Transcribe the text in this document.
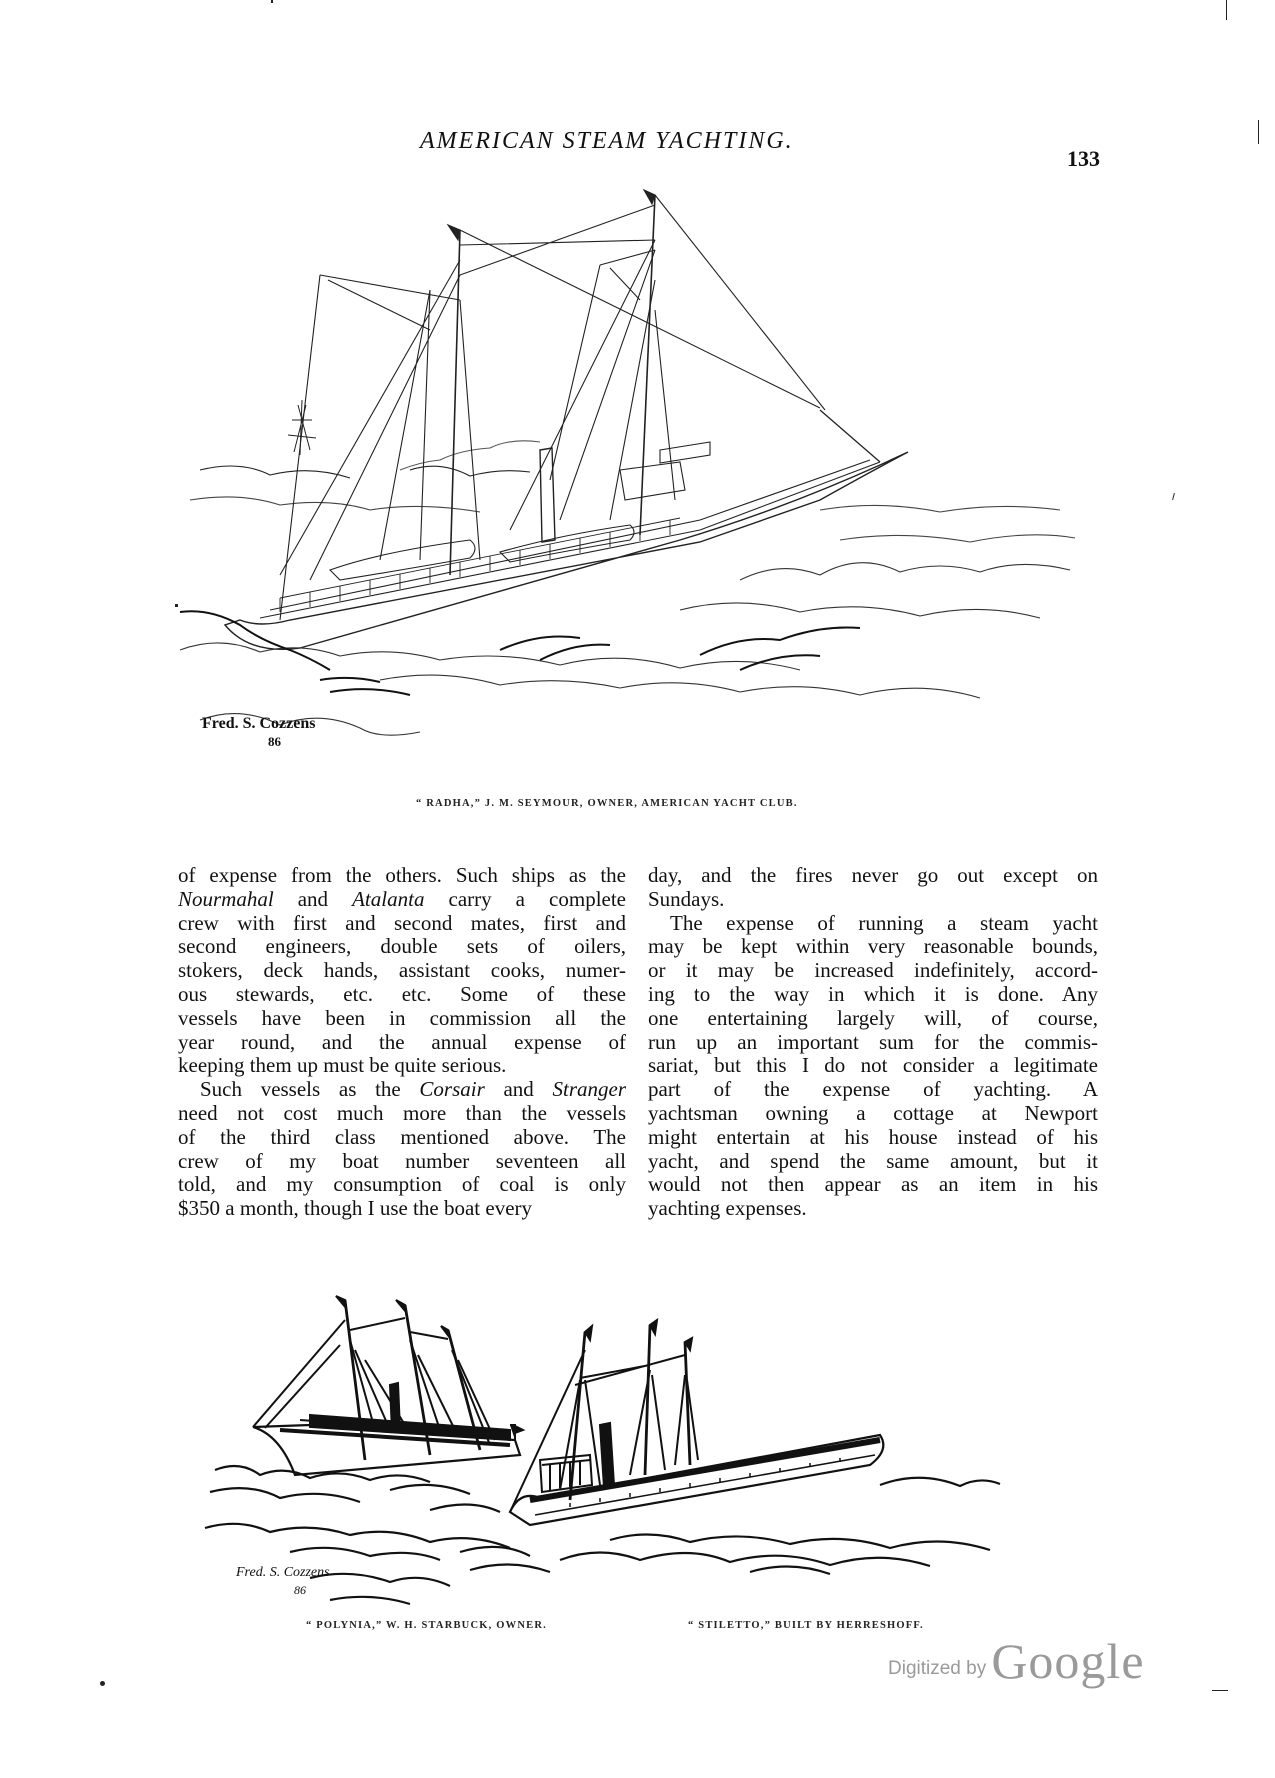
AMERICAN STEAM YACHTING.
133
Fred. S. Cozzens
86
“ RADHA,” J. M. SEYMOUR, OWNER, AMERICAN YACHT CLUB.
of expense from the others. Such ships as the
Nourmahal and Atalanta carry a complete
crew with first and second mates, first and
second engineers, double sets of oilers,
stokers, deck hands, assistant cooks, numer-
ous stewards, etc. etc. Some of these
vessels have been in commission all the
year round, and the annual expense of
keeping them up must be quite serious.
Such vessels as the Corsair and Stranger
need not cost much more than the vessels
of the third class mentioned above. The
crew of my boat number seventeen all
told, and my consumption of coal is only
$350 a month, though I use the boat every
day, and the fires never go out except on
Sundays.
The expense of running a steam yacht
may be kept within very reasonable bounds,
or it may be increased indefinitely, accord-
ing to the way in which it is done. Any
one entertaining largely will, of course,
run up an important sum for the commis-
sariat, but this I do not consider a legitimate
part of the expense of yachting. A
yachtsman owning a cottage at Newport
might entertain at his house instead of his
yacht, and spend the same amount, but it
would not then appear as an item in his
yachting expenses.
Fred. S. Cozzens
86
“ POLYNIA,” W. H. STARBUCK, OWNER.	“ STILETTO,” BUILT BY HERRESHOFF.
Digitized by Google
